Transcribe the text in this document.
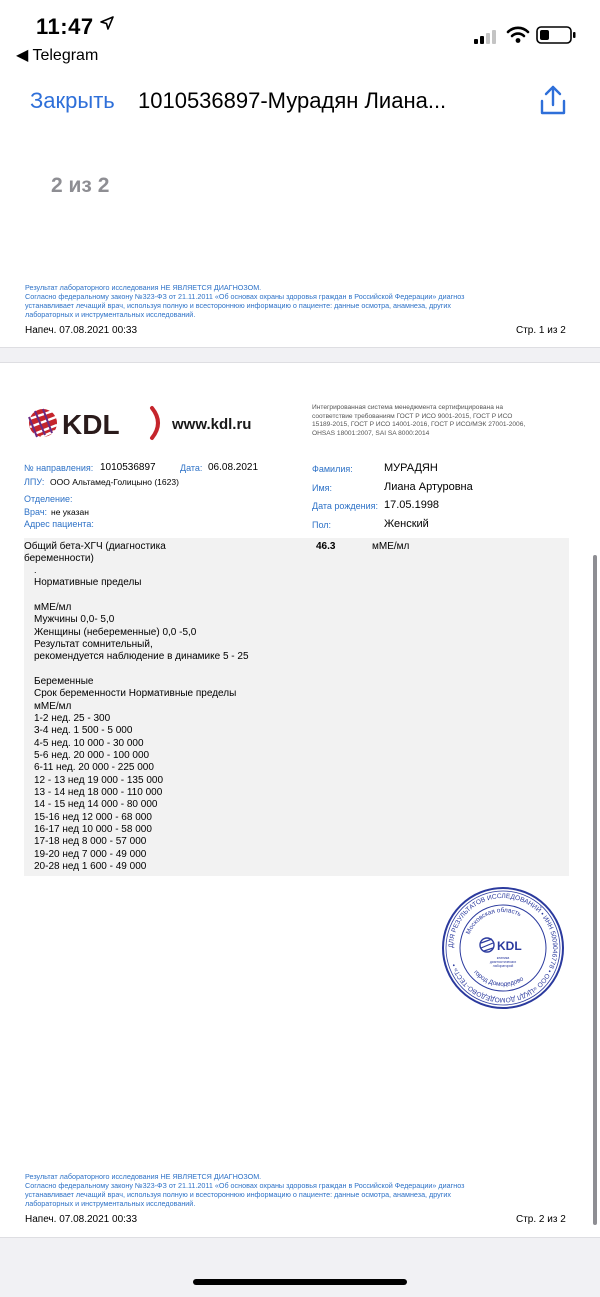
11:47
◀ Telegram
Закрыть 1010536897-Мурадян Лиана...
2 из 2
Результат лабораторного исследования НЕ ЯВЛЯЕТСЯ ДИАГНОЗОМ.
Согласно федеральному закону №323-ФЗ от 21.11.2011 «Об основах охраны здоровья граждан в Российской Федерации» диагноз
устанавливает лечащий врач, используя полную и всестороннюю информацию о пациенте: данные осмотра, анамнеза, других
лабораторных и инструментальных исследований.
Напеч. 07.08.2021 00:33	Стр. 1 из 2
KDL	www.kdl.ru
Интегрированная система менеджмента сертифицирована на
соответствие требованиям ГОСТ Р ИСО 9001-2015, ГОСТ Р ИСО
15189-2015, ГОСТ Р ИСО 14001-2016, ГОСТ Р ИСО/МЭК 27001-2006,
OHSAS 18001:2007, SAI SA 8000:2014
№ направления: 1010536897	Дата: 06.08.2021
ЛПУ: ООО Альтамед-Голицыно (1623)
Отделение:
Врач: не указан
Адрес пациента:
Фамилия:	МУРАДЯН
Имя:	Лиана Артуровна
Дата рождения: 17.05.1998
Пол:	Женский
Общий бета-ХГЧ (диагностика беременности)
46.3	мМЕ/мл
.
Нормативные пределы
мМЕ/мл
Мужчины 0,0- 5,0
Женщины (небеременные) 0,0 -5,0
Результат сомнительный,
рекомендуется наблюдение в динамике 5 - 25
Беременные
Срок беременности Нормативные пределы
мМЕ/мл
1-2 нед. 25 - 300
3-4 нед. 1 500 - 5 000
4-5 нед. 10 000 - 30 000
5-6 нед. 20 000 - 100 000
6-11 нед. 20 000 - 225 000
12 - 13 нед 19 000 - 135 000
13 - 14 нед 18 000 - 110 000
14 - 15 нед 14 000 - 80 000
15-16 нед 12 000 - 68 000
16-17 нед 10 000 - 58 000
17-18 нед 8 000 - 57 000
19-20 нед 7 000 - 49 000
20-28 нед 1 600 - 49 000
ДЛЯ РЕЗУЛЬТАТОВ ИССЛЕДОВАНИЙ • ИНН 5009046778 • ООО «ЦКДЛ ДОМОДЕДОВО-ТЕСТ» •
Московская область
город Домодедово
KDL
клиника
диагностических
лабораторий
Результат лабораторного исследования НЕ ЯВЛЯЕТСЯ ДИАГНОЗОМ.
Согласно федеральному закону №323-ФЗ от 21.11.2011 «Об основах охраны здоровья граждан в Российской Федерации» диагноз
устанавливает лечащий врач, используя полную и всестороннюю информацию о пациенте: данные осмотра, анамнеза, других
лабораторных и инструментальных исследований.
Напеч. 07.08.2021 00:33	Стр. 2 из 2
